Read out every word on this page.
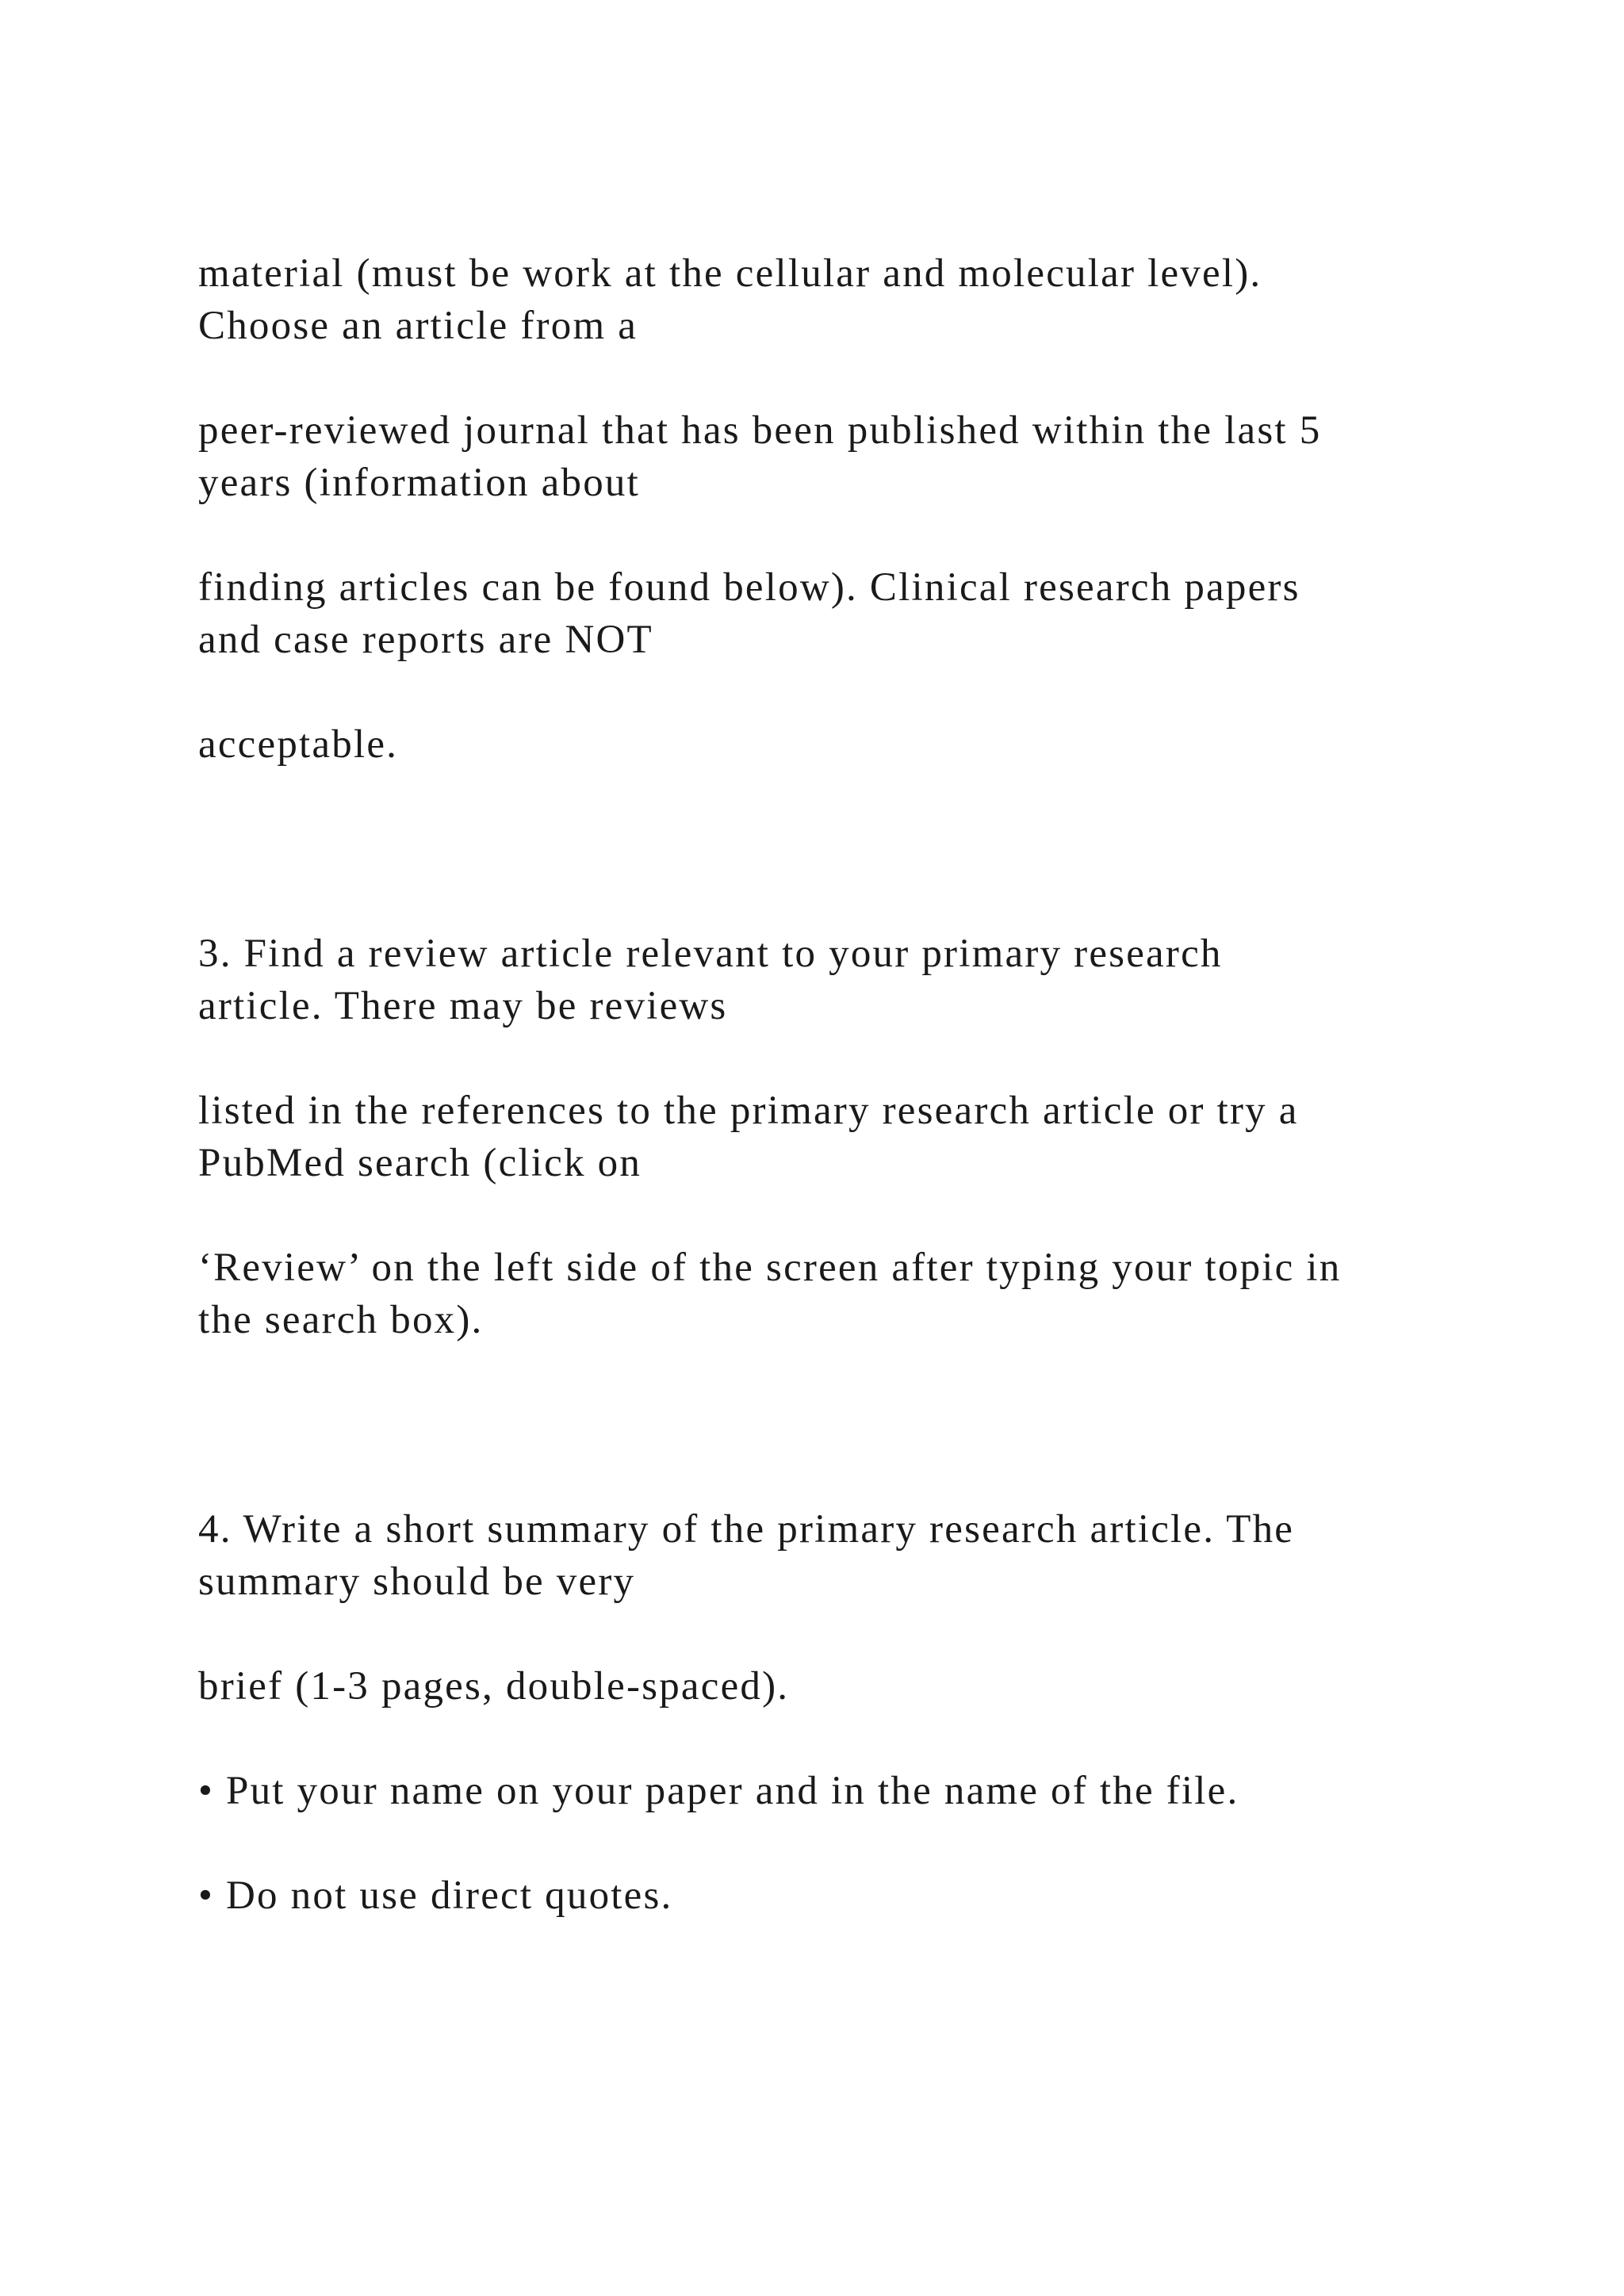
material (must be work at the cellular and molecular level).
Choose an article from a

peer-reviewed journal that has been published within the last 5
years (information about

finding articles can be found below). Clinical research papers
and case reports are NOT

acceptable.

3. Find a review article relevant to your primary research
article. There may be reviews

listed in the references to the primary research article or try a
PubMed search (click on

‘Review’ on the left side of the screen after typing your topic in
the search box).

4. Write a short summary of the primary research article. The
summary should be very

brief (1-3 pages, double-spaced).

• Put your name on your paper and in the name of the file.

• Do not use direct quotes.
